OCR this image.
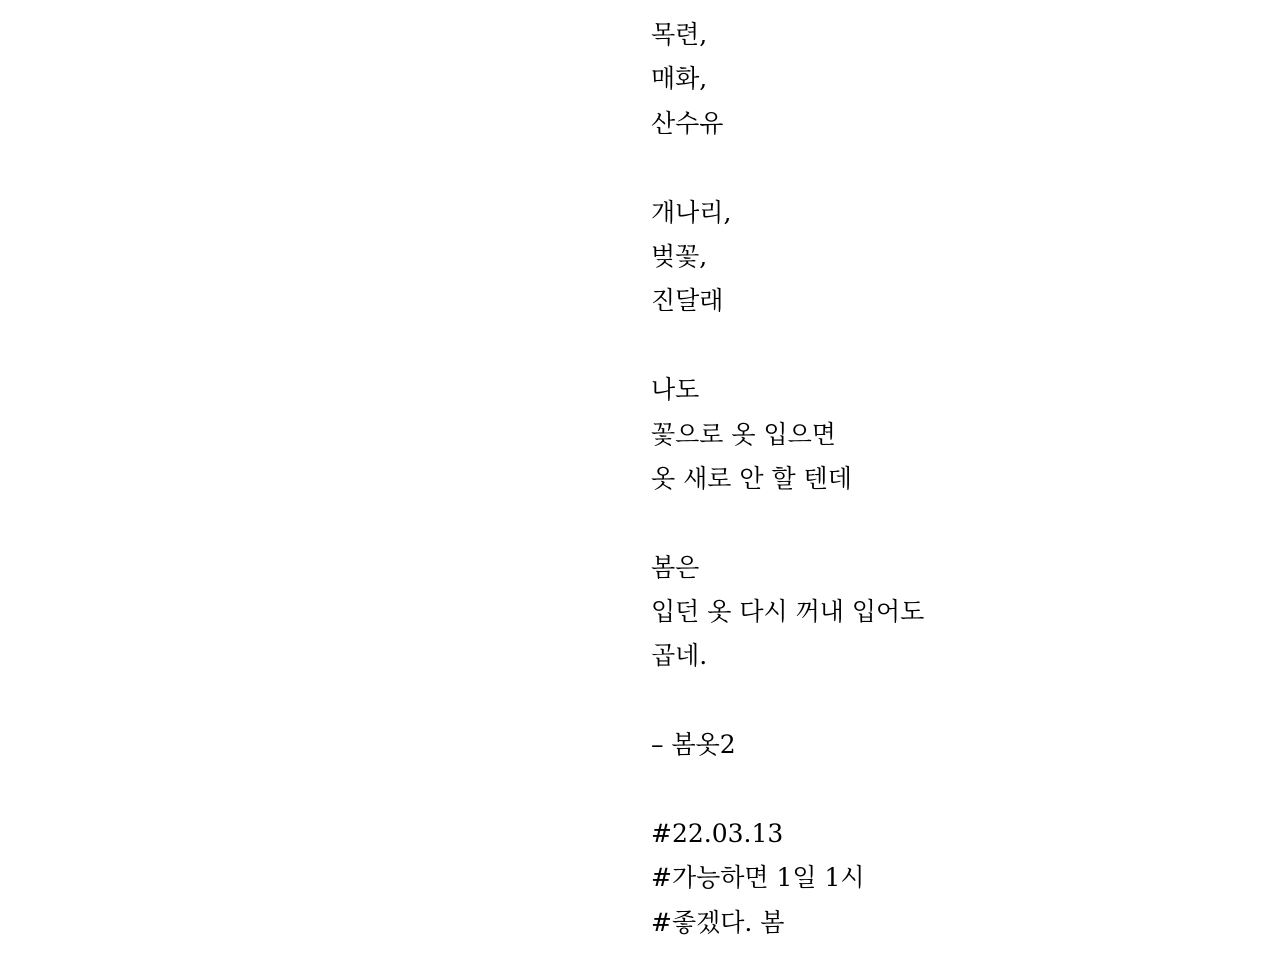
목련,
매화,
산수유
개나리,
벚꽃,
진달래
나도
꽃으로 옷 입으면
옷 새로 안 할 텐데
봄은
입던 옷 다시 꺼내 입어도
곱네.
– 봄옷2
#22.03.13
#가능하면 1일 1시
#좋겠다. 봄
